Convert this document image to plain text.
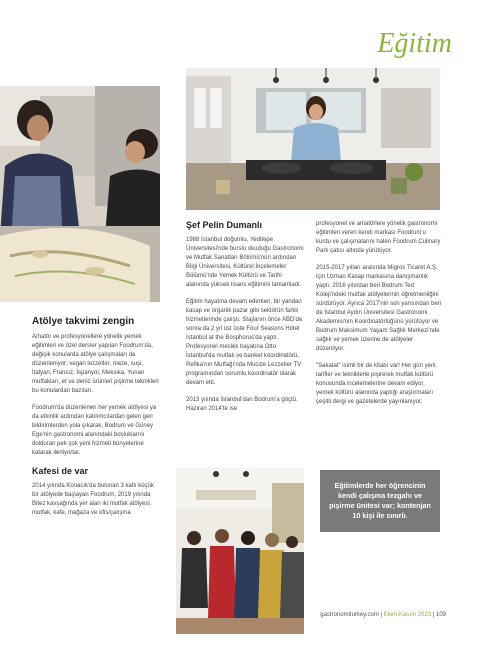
Eğitim
Atölye takvimi zengin

Amatör ve profesyonellere yönelik yemek eğitimleri ve özel dersler yapılan Foodrum'da, değişik konularda atölye çalışmaları da düzenleniyor; vegan lezzetler, meze, suşi, İtalyan, Fransız, İspanyol, Meksika, Yunan mutfakları, et ve deniz ürünleri pişirme teknikleri bu konulardan bazıları.

Foodrum'da düzenlenen her yemek atölyesi ya da etkinlik ardından katılımcılardan gelen geri bildirimlerden yola çıkarak, Bodrum ve Güney Ege'nin gastronomi alanındaki boşluklarını dolduran pek çok yeni hizmeti bünyelerine katarak ilerliyorlar.

Kafesi de var

2014 yılında Konacık'da bulunan 3 katlı küçük bir atölyede başlayan Foodrum, 2019 yılında Bitez kavşağında yer alan iki mutfak atölyesi, mutfak, kafe, mağaza ve ofis/çalışma

Şef Pelin Dumanlı

1988 İstanbul doğumlu, Yeditepe Üniversitesi'nde burslu okuduğu Gastronomi ve Mutfak Sanatları Bölümü'nün ardından Bilgi Üniversitesi, Kültürel İncelemeler Bölümü'nde Yemek Kültürü ve Tarihi alanında yüksek lisans eğitimini tamamladı.

Eğitim hayatına devam ederken, bir yandan kasap ve organik pazar gibi sektörün farklı hizmetlerinde çalıştı. Stajlarını önce ABD'de sonra da 2 yıl üst üste Four Seasons Hotel İstanbul at the Bosphorus'da yaptı. Profesyonel meslek hayatına Otto İstanbul'da mutfak ve banket koordinatörü, Refika'nın Mutfağı'nda Mucize Lezzetler TV programından sorumlu koordinatör olarak devam etti.

2013 yılında İstanbul'dan Bodrum'a göçtü. Haziran 2014'te ise

profesyonel ve amatörlere yönelik gastronomi eğitimleri veren kendi markası Foodrum'u kurdu ve çalışmalarını halen Foodrum Culinary Park çatısı altında yürütüyor.

2015-2017 yılları arasında Migros Ticaret A.Ş. için Uzman Kasap markasına danışmanlık yaptı. 2016 yılından beri Bodrum Ted Koleji'ndeki mutfak atölyelerinin öğretmenliğini sürdürüyor. Ayrıca 2017'nin son yarısından beri de İstanbul Aydın Üniversitesi Gastronomi Akademisi'nin Koordinatörlüğünü yürütüyor ve Bodrum Maksimum Yaşam Sağlık Merkezi'nde sağlık ve yemek üzerine de atölyeler düzenliyor.

"Sakatat" isimli bir de kitabı var! Her gün yeni tarifler ve tekniklerle pişirerek mutfak kültürü konusunda incelemelerine devam ediyor, yemek kültürü alanında yaptığı araştırmaları çeşitli dergi ve gazetelerde yayınlanıyor.

Eğitimlerde her öğrencinin kendi çalışma tezgahı ve pişirme ünitesi var; kontenjan 10 kişi ile sınırlı.
gastronomiturkey.com | Ekim-Kasım 2023 | 109
